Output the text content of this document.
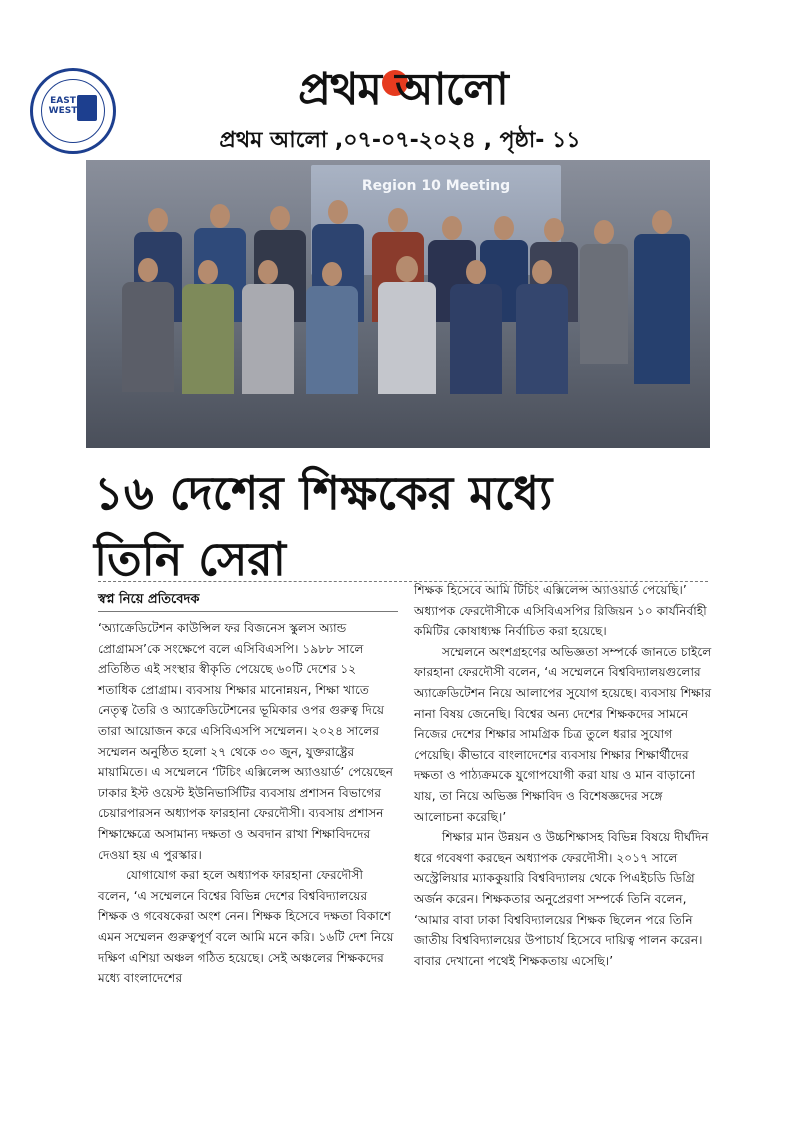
EAST
WEST	প্রথম আলো
প্রথম আলো ,০৭-০৭-২০২৪ , পৃষ্ঠা- ১১
Region 10 Meeting
১৬ দেশের শিক্ষকের মধ্যে
তিনি সেরা
স্বপ্ন নিয়ে প্রতিবেদক

‘অ্যাক্রেডিটেশন কাউন্সিল ফর বিজনেস স্কুলস অ্যান্ড প্রোগ্রামস’কে সংক্ষেপে বলে এসিবিএসপি। ১৯৮৮ সালে প্রতিষ্ঠিত এই সংস্থার স্বীকৃতি পেয়েছে ৬০টি দেশের ১২ শতাধিক প্রোগ্রাম। ব্যবসায় শিক্ষার মানোন্নয়ন, শিক্ষা খাতে নেতৃত্ব তৈরি ও অ্যাক্রেডিটেশনের ভূমিকার ওপর গুরুত্ব দিয়ে তারা আয়োজন করে এসিবিএসপি সম্মেলন। ২০২৪ সালের সম্মেলন অনুষ্ঠিত হলো ২৭ থেকে ৩০ জুন, যুক্তরাষ্ট্রের মায়ামিতে। এ সম্মেলনে ‘টিচিং এক্সিলেন্স অ্যাওয়ার্ড’ পেয়েছেন ঢাকার ইস্ট ওয়েস্ট ইউনিভার্সিটির ব্যবসায় প্রশাসন বিভাগের চেয়ারপারসন অধ্যাপক ফারহানা ফেরদৌসী। ব্যবসায় প্রশাসন শিক্ষাক্ষেত্রে অসামান্য দক্ষতা ও অবদান রাখা শিক্ষাবিদদের দেওয়া হয় এ পুরস্কার।

যোগাযোগ করা হলে অধ্যাপক ফারহানা ফেরদৌসী বলেন, ‘এ সম্মেলনে বিশ্বের বিভিন্ন দেশের বিশ্ববিদ্যালয়ের শিক্ষক ও গবেষকেরা অংশ নেন। শিক্ষক হিসেবে দক্ষতা বিকাশে এমন সম্মেলন গুরুত্বপূর্ণ বলে আমি মনে করি। ১৬টি দেশ নিয়ে দক্ষিণ এশিয়া অঞ্চল গঠিত হয়েছে। সেই অঞ্চলের শিক্ষকদের মধ্যে বাংলাদেশের

শিক্ষক হিসেবে আমি টিচিং এক্সিলেন্স অ্যাওয়ার্ড পেয়েছি।’ অধ্যাপক ফেরদৌসীকে এসিবিএসপির রিজিয়ন ১০ কার্যনির্বাহী কমিটির কোষাধ্যক্ষ নির্বাচিত করা হয়েছে।

সম্মেলনে অংশগ্রহণের অভিজ্ঞতা সম্পর্কে জানতে চাইলে ফারহানা ফেরদৌসী বলেন, ‘এ সম্মেলনে বিশ্ববিদ্যালয়গুলোর অ্যাক্রেডিটেশন নিয়ে আলাপের সুযোগ হয়েছে। ব্যবসায় শিক্ষার নানা বিষয় জেনেছি। বিশ্বের অন্য দেশের শিক্ষকদের সামনে নিজের দেশের শিক্ষার সামগ্রিক চিত্র তুলে ধরার সুযোগ পেয়েছি। কীভাবে বাংলাদেশের ব্যবসায় শিক্ষার শিক্ষার্থীদের দক্ষতা ও পাঠ্যক্রমকে যুগোপযোগী করা যায় ও মান বাড়ানো যায়, তা নিয়ে অভিজ্ঞ শিক্ষাবিদ ও বিশেষজ্ঞদের সঙ্গে আলোচনা করেছি।’

শিক্ষার মান উন্নয়ন ও উচ্চশিক্ষাসহ বিভিন্ন বিষয়ে দীর্ঘদিন ধরে গবেষণা করছেন অধ্যাপক ফেরদৌসী। ২০১৭ সালে অস্ট্রেলিয়ার ম্যাককুয়ারি বিশ্ববিদ্যালয় থেকে পিএইচডি ডিগ্রি অর্জন করেন। শিক্ষকতার অনুপ্রেরণা সম্পর্কে তিনি বলেন, ‘আমার বাবা ঢাকা বিশ্ববিদ্যালয়ের শিক্ষক ছিলেন পরে তিনি জাতীয় বিশ্ববিদ্যালয়ের উপাচার্য হিসেবে দায়িত্ব পালন করেন। বাবার দেখানো পথেই শিক্ষকতায় এসেছি।’
